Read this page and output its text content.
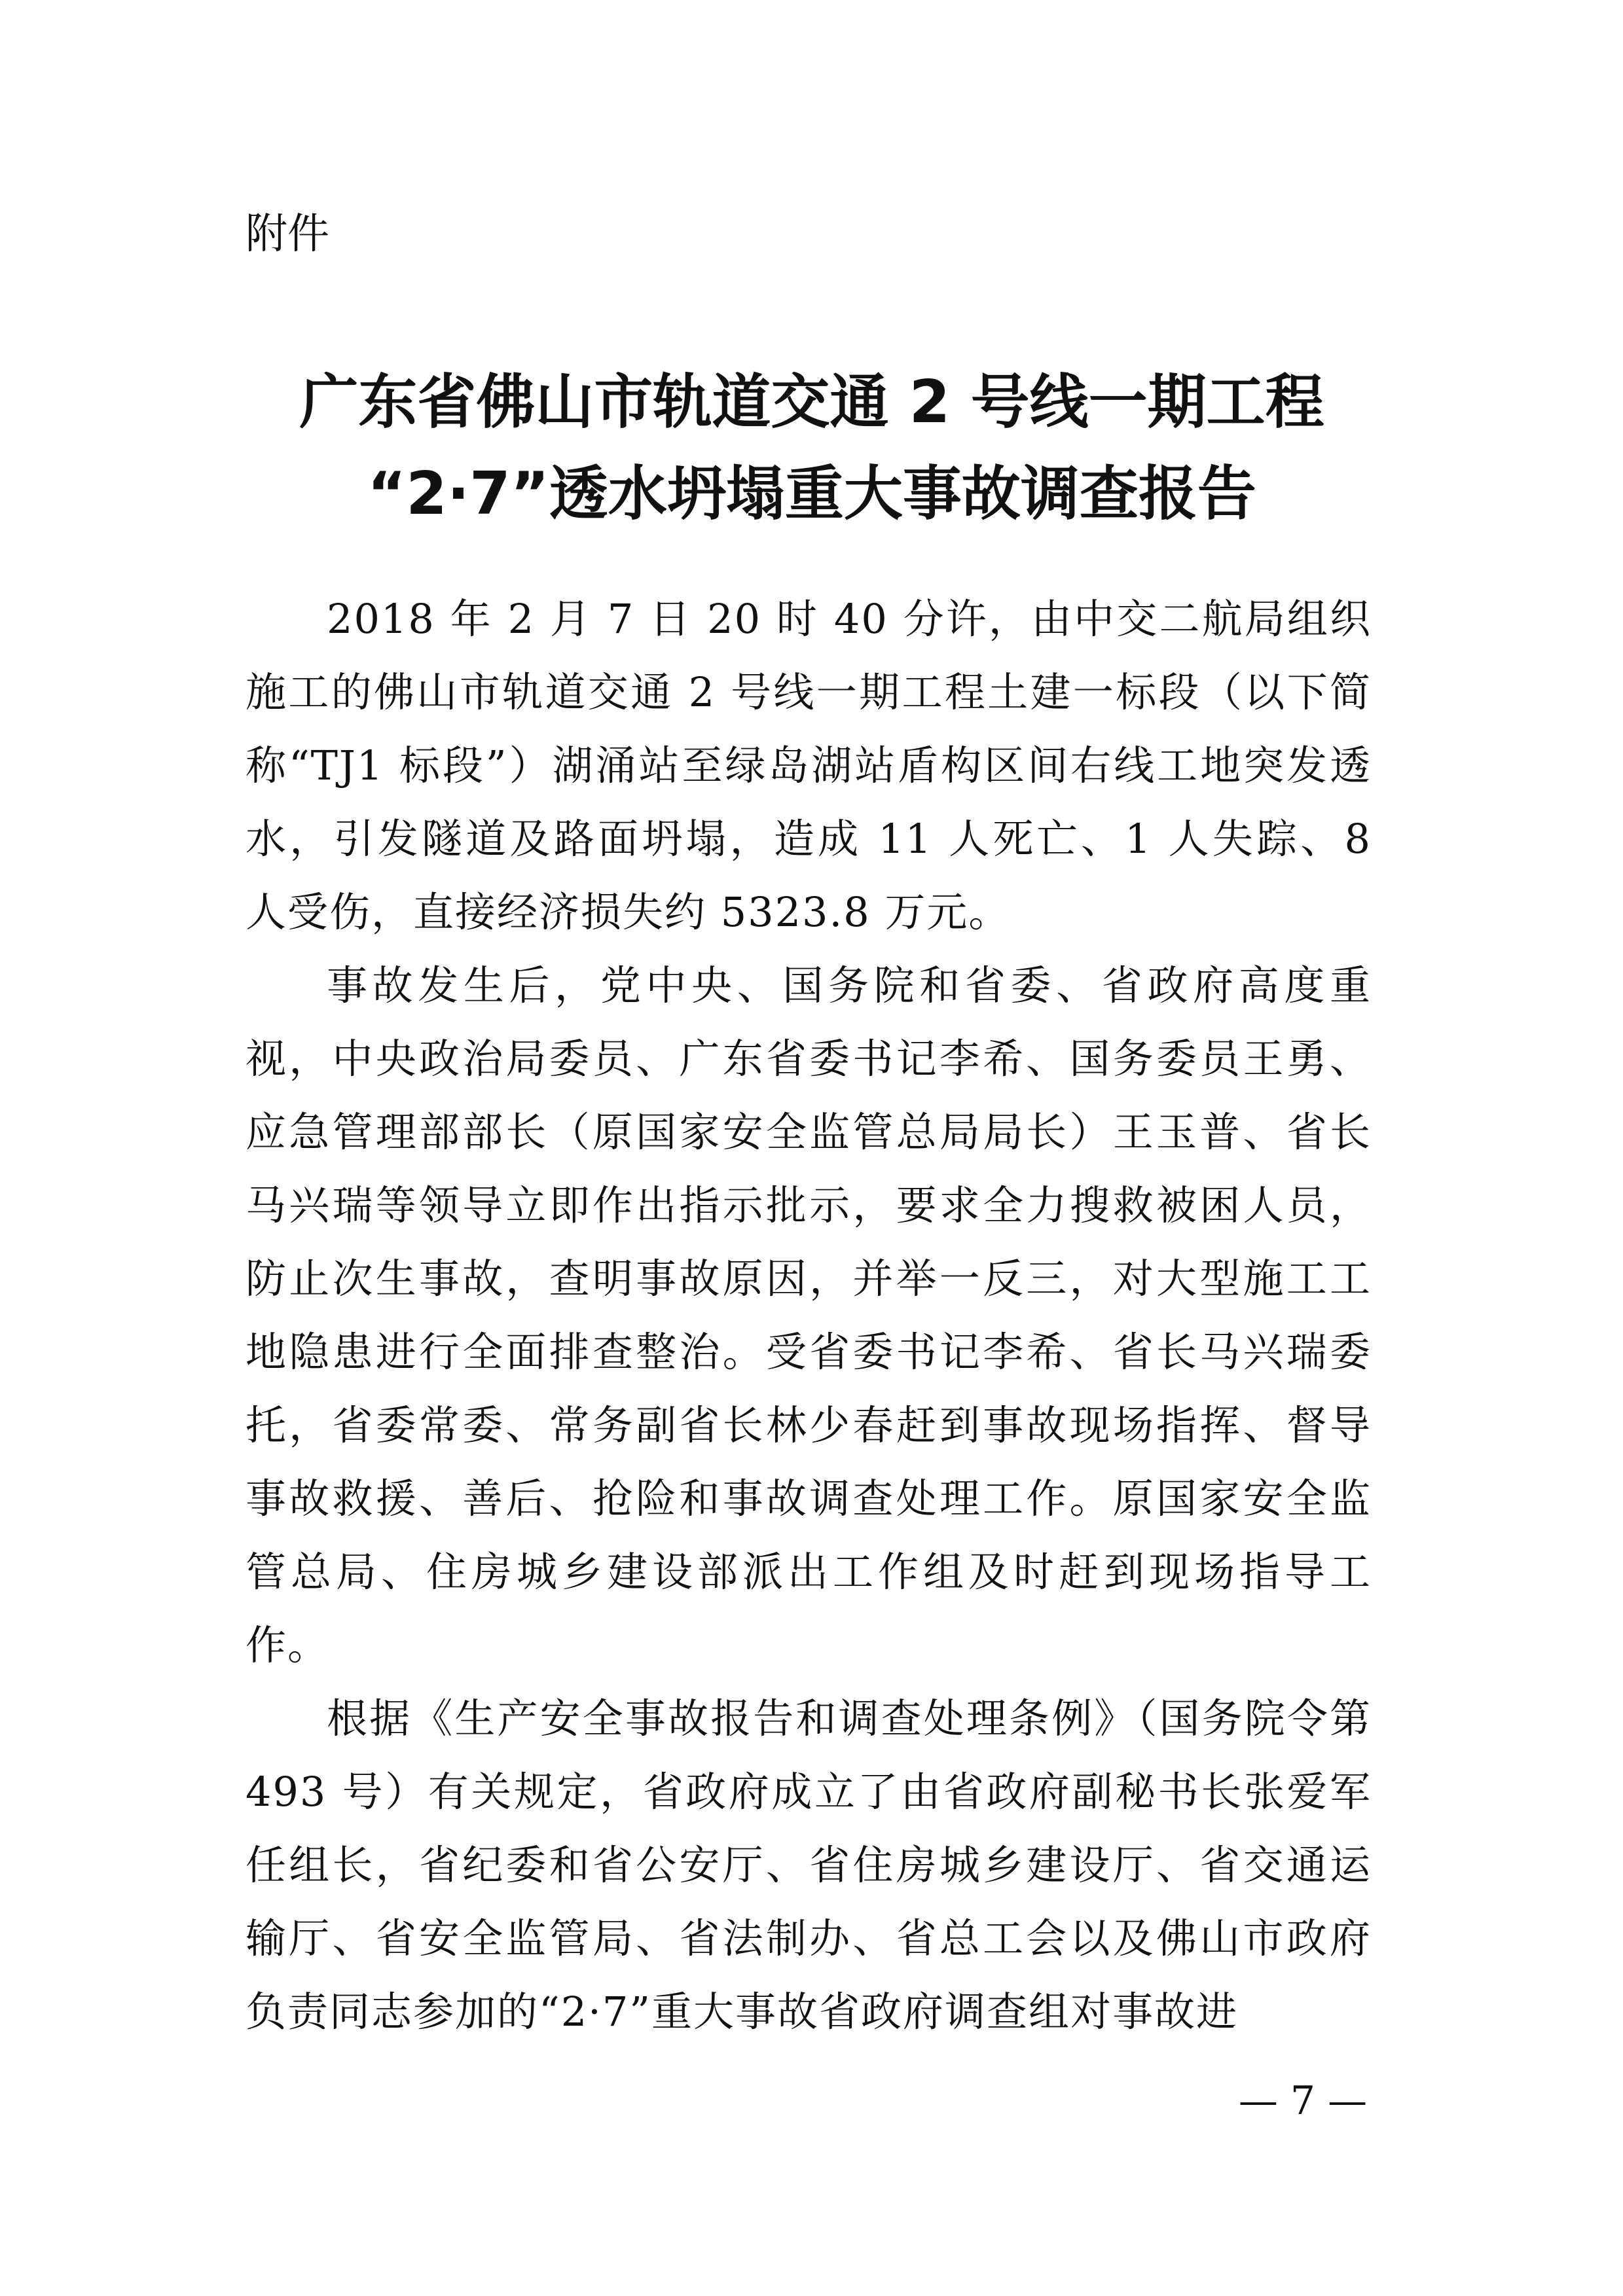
附件
广东省佛山市轨道交通 2 号线一期工程
“2·7”透水坍塌重大事故调查报告

2018 年 2 月 7 日 20 时 40 分许，由中交二航局组织施工的佛山市轨道交通 2 号线一期工程土建一标段（以下简称“TJ1 标段”）湖涌站至绿岛湖站盾构区间右线工地突发透水，引发隧道及路面坍塌，造成 11 人死亡、1 人失踪、8 人受伤，直接经济损失约 5323.8 万元。

事故发生后，党中央、国务院和省委、省政府高度重视，中央政治局委员、广东省委书记李希、国务委员王勇、应急管理部部长（原国家安全监管总局局长）王玉普、省长马兴瑞等领导立即作出指示批示，要求全力搜救被困人员，防止次生事故，查明事故原因，并举一反三，对大型施工工地隐患进行全面排查整治。受省委书记李希、省长马兴瑞委托，省委常委、常务副省长林少春赶到事故现场指挥、督导事故救援、善后、抢险和事故调查处理工作。原国家安全监管总局、住房城乡建设部派出工作组及时赶到现场指导工作。

根据《生产安全事故报告和调查处理条例》（国务院令第 493 号）有关规定，省政府成立了由省政府副秘书长张爱军任组长，省纪委和省公安厅、省住房城乡建设厅、省交通运输厅、省安全监管局、省法制办、省总工会以及佛山市政府负责同志参加的“2·7”重大事故省政府调查组对事故进

— 7 —
